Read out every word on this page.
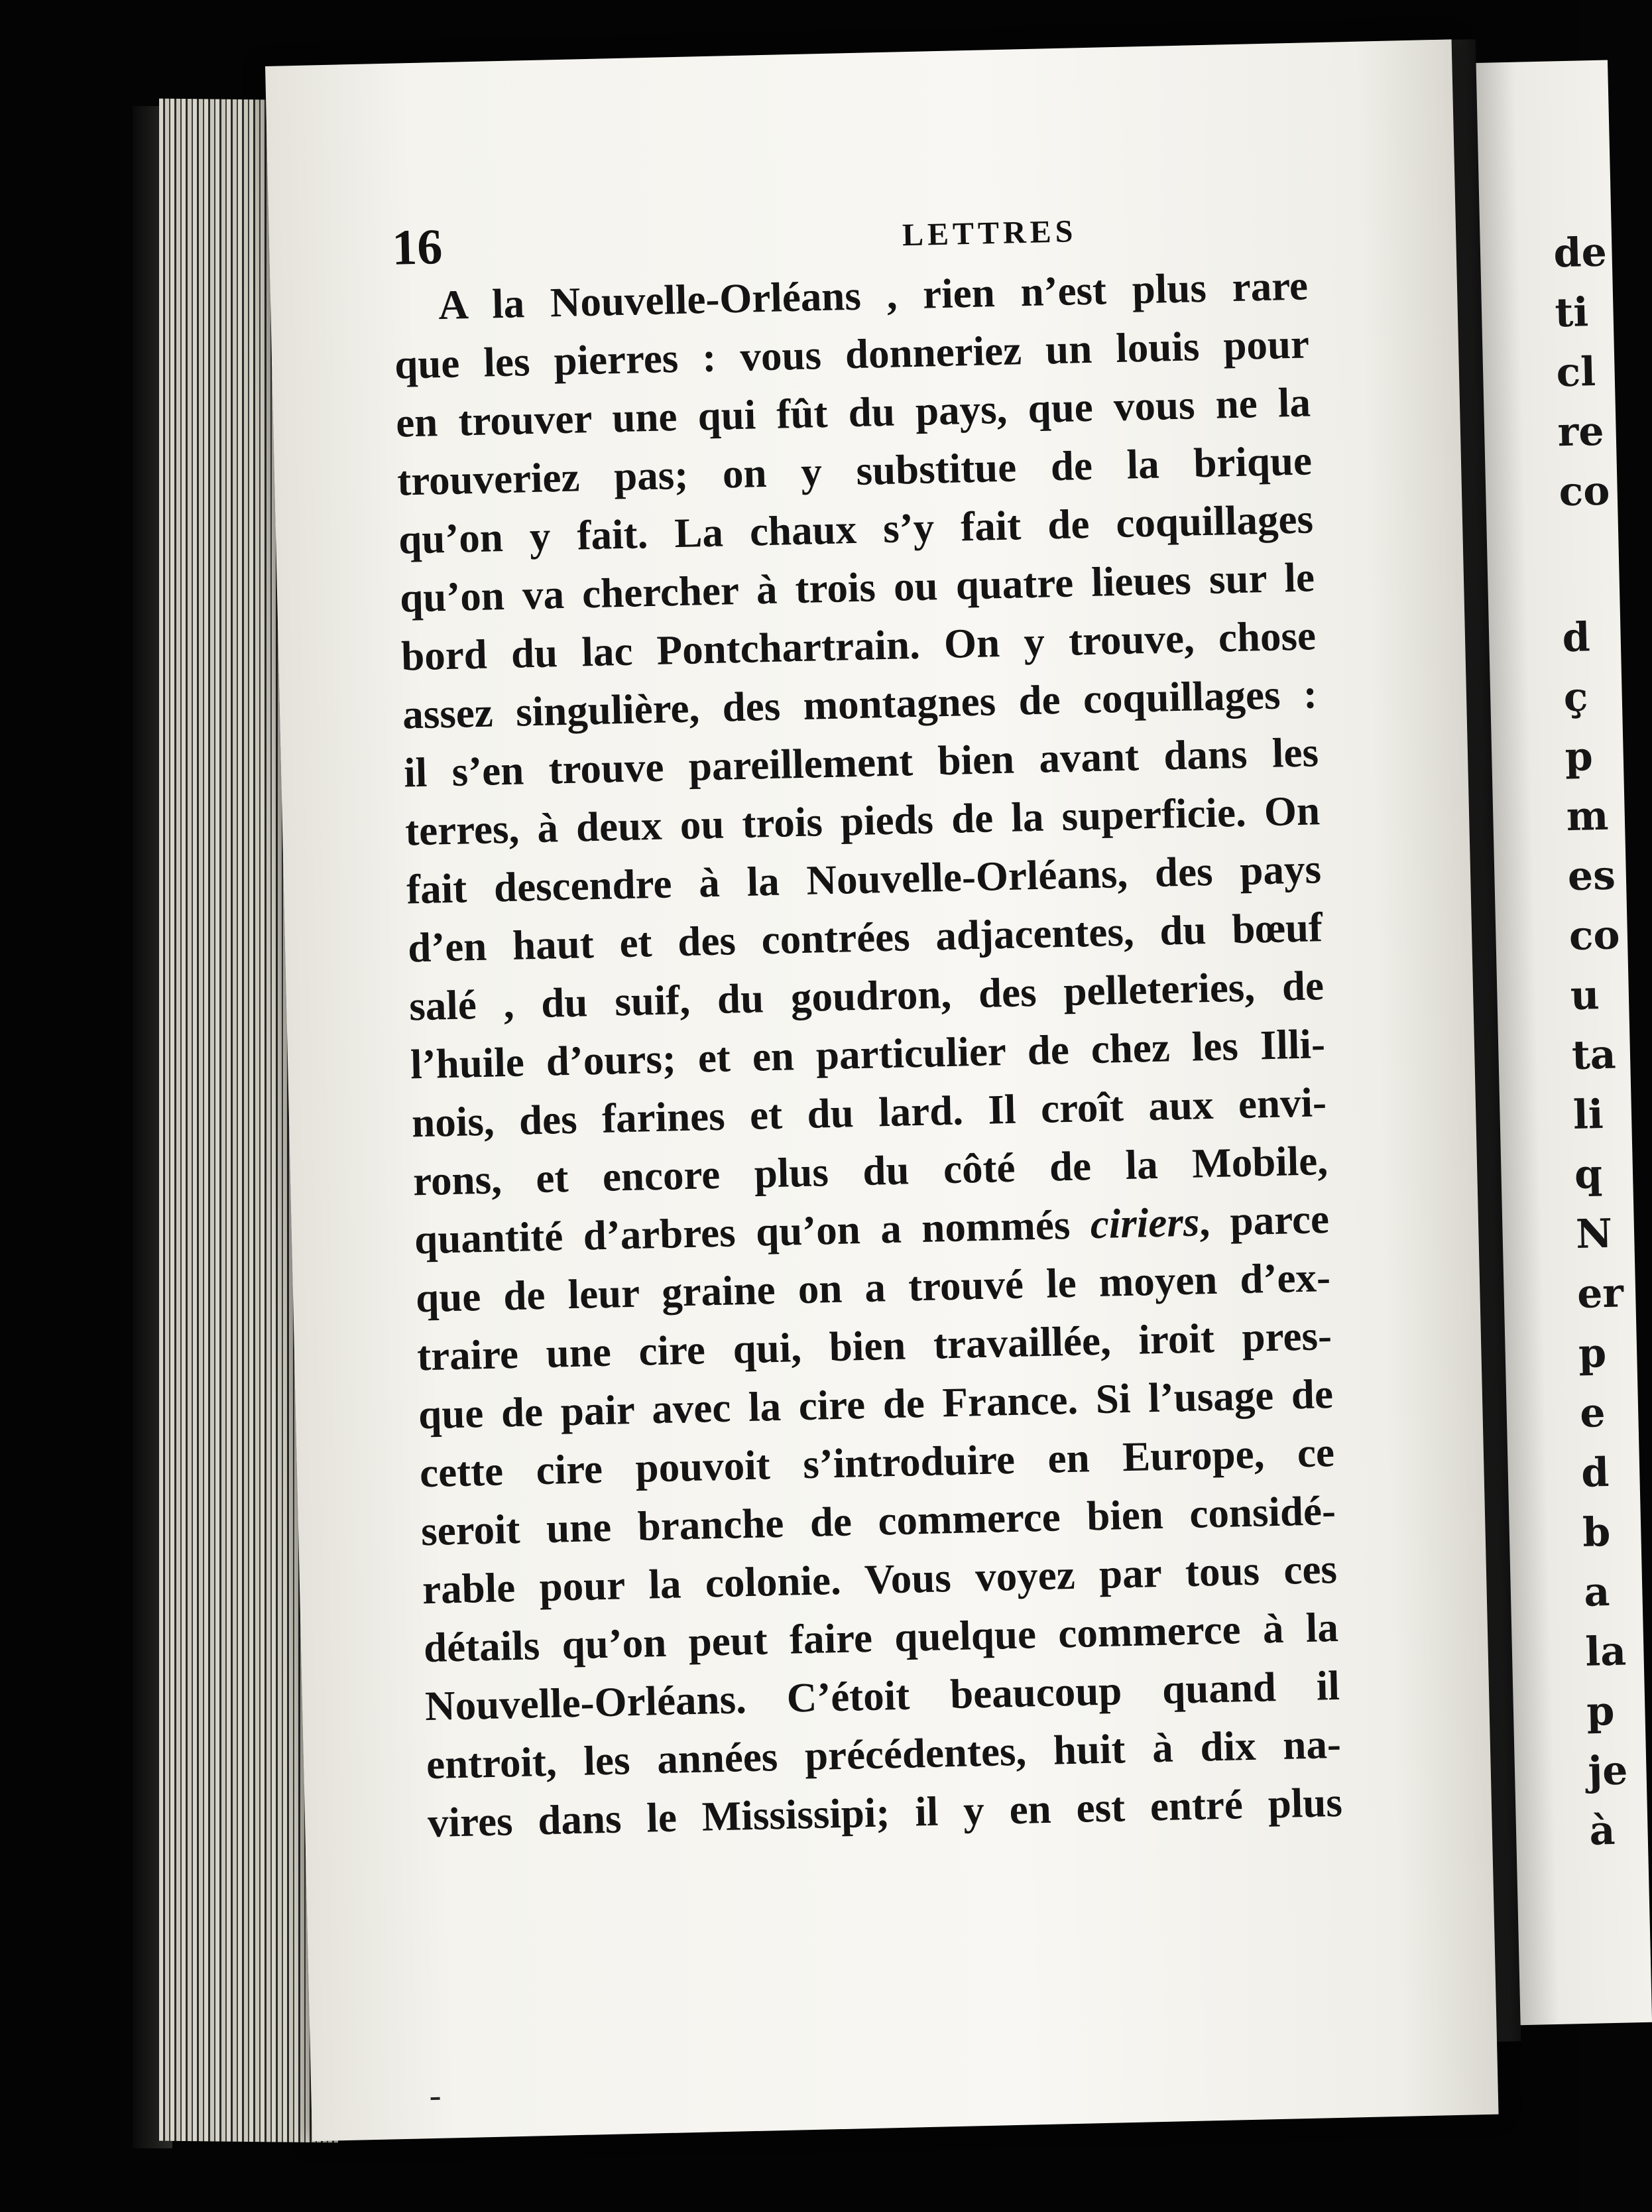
de
ti
cl
re
co
d
ç
p
m
es
co
u
ta
li
q
N
er
p
e
d
b
a
la
p
je
à
16	LETTRES
A la Nouvelle-Orléans , rien n’est plus rare
que les pierres : vous donneriez un louis pour
en trouver une qui fût du pays, que vous ne la
trouveriez pas; on y substitue de la brique
qu’on y fait. La chaux s’y fait de coquillages
qu’on va chercher à trois ou quatre lieues sur le
bord du lac Pontchartrain. On y trouve, chose
assez singulière, des montagnes de coquillages :
il s’en trouve pareillement bien avant dans les
terres, à deux ou trois pieds de la superficie. On
fait descendre à la Nouvelle-Orléans, des pays
d’en haut et des contrées adjacentes, du bœuf
salé , du suif, du goudron, des pelleteries, de
l’huile d’ours; et en particulier de chez les Illi-
nois, des farines et du lard. Il croît aux envi-
rons, et encore plus du côté de la Mobile,
quantité d’arbres qu’on a nommés ciriers, parce
que de leur graine on a trouvé le moyen d’ex-
traire une cire qui, bien travaillée, iroit pres-
que de pair avec la cire de France. Si l’usage de
cette cire pouvoit s’introduire en Europe, ce
seroit une branche de commerce bien considé-
rable pour la colonie. Vous voyez par tous ces
détails qu’on peut faire quelque commerce à la
Nouvelle-Orléans. C’étoit beaucoup quand il
entroit, les années précédentes, huit à dix na-
vires dans le Mississipi; il y en est entré plus
